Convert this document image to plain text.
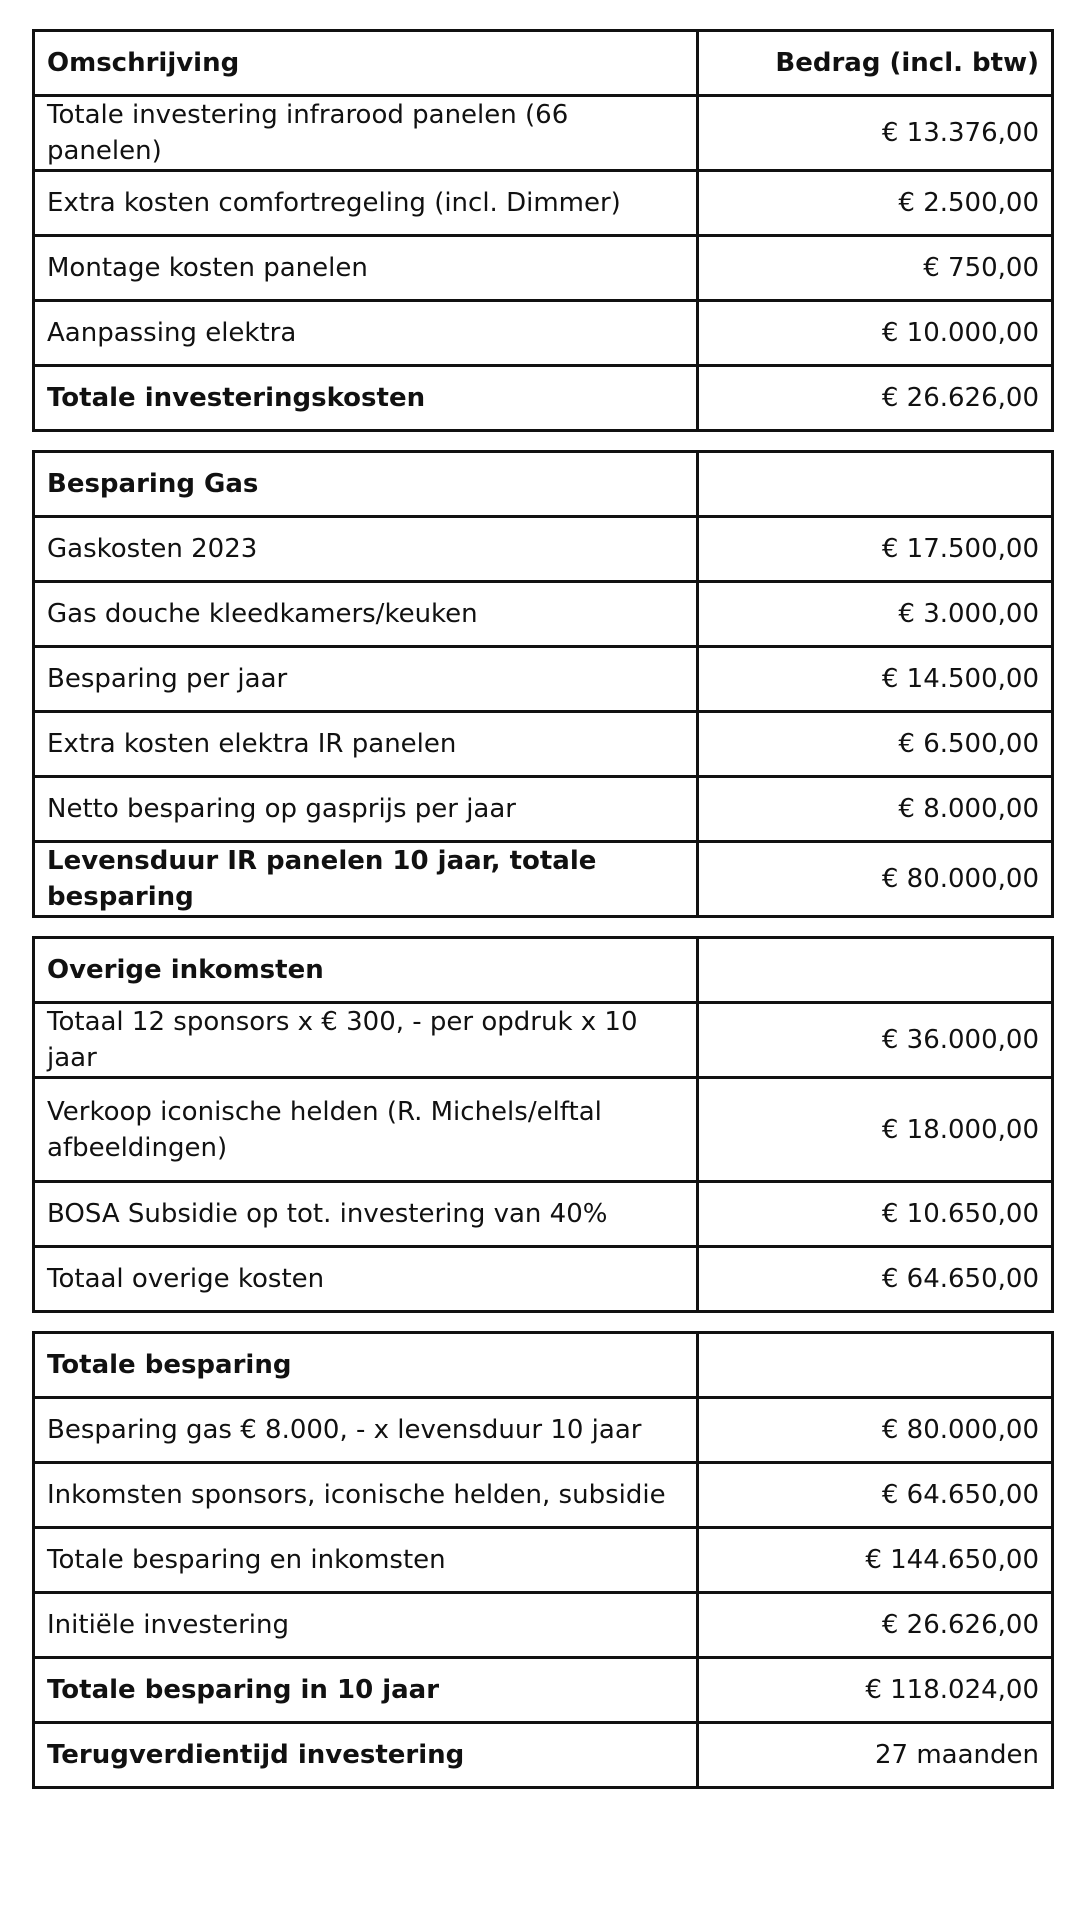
Omschrijving	Bedrag (incl. btw)
Totale investering infrarood panelen (66 panelen)	€ 13.376,00
Extra kosten comfortregeling (incl. Dimmer)	€ 2.500,00
Montage kosten panelen	€ 750,00
Aanpassing elektra	€ 10.000,00
Totale investeringskosten	€ 26.626,00
Besparing Gas	
Gaskosten 2023	€ 17.500,00
Gas douche kleedkamers/keuken	€ 3.000,00
Besparing per jaar	€ 14.500,00
Extra kosten elektra IR panelen	€ 6.500,00
Netto besparing op gasprijs per jaar	€ 8.000,00
Levensduur IR panelen 10 jaar, totale besparing	€ 80.000,00
Overige inkomsten	
Totaal 12 sponsors x € 300, - per opdruk x 10 jaar	€ 36.000,00
Verkoop iconische helden (R. Michels/elftal afbeeldingen)	€ 18.000,00
BOSA Subsidie op tot. investering van 40%	€ 10.650,00
Totaal overige kosten	€ 64.650,00
Totale besparing	
Besparing gas € 8.000, - x levensduur 10 jaar	€ 80.000,00
Inkomsten sponsors, iconische helden, subsidie	€ 64.650,00
Totale besparing en inkomsten	€ 144.650,00
Initiële investering	€ 26.626,00
Totale besparing in 10 jaar	€ 118.024,00
Terugverdientijd investering	27 maanden
